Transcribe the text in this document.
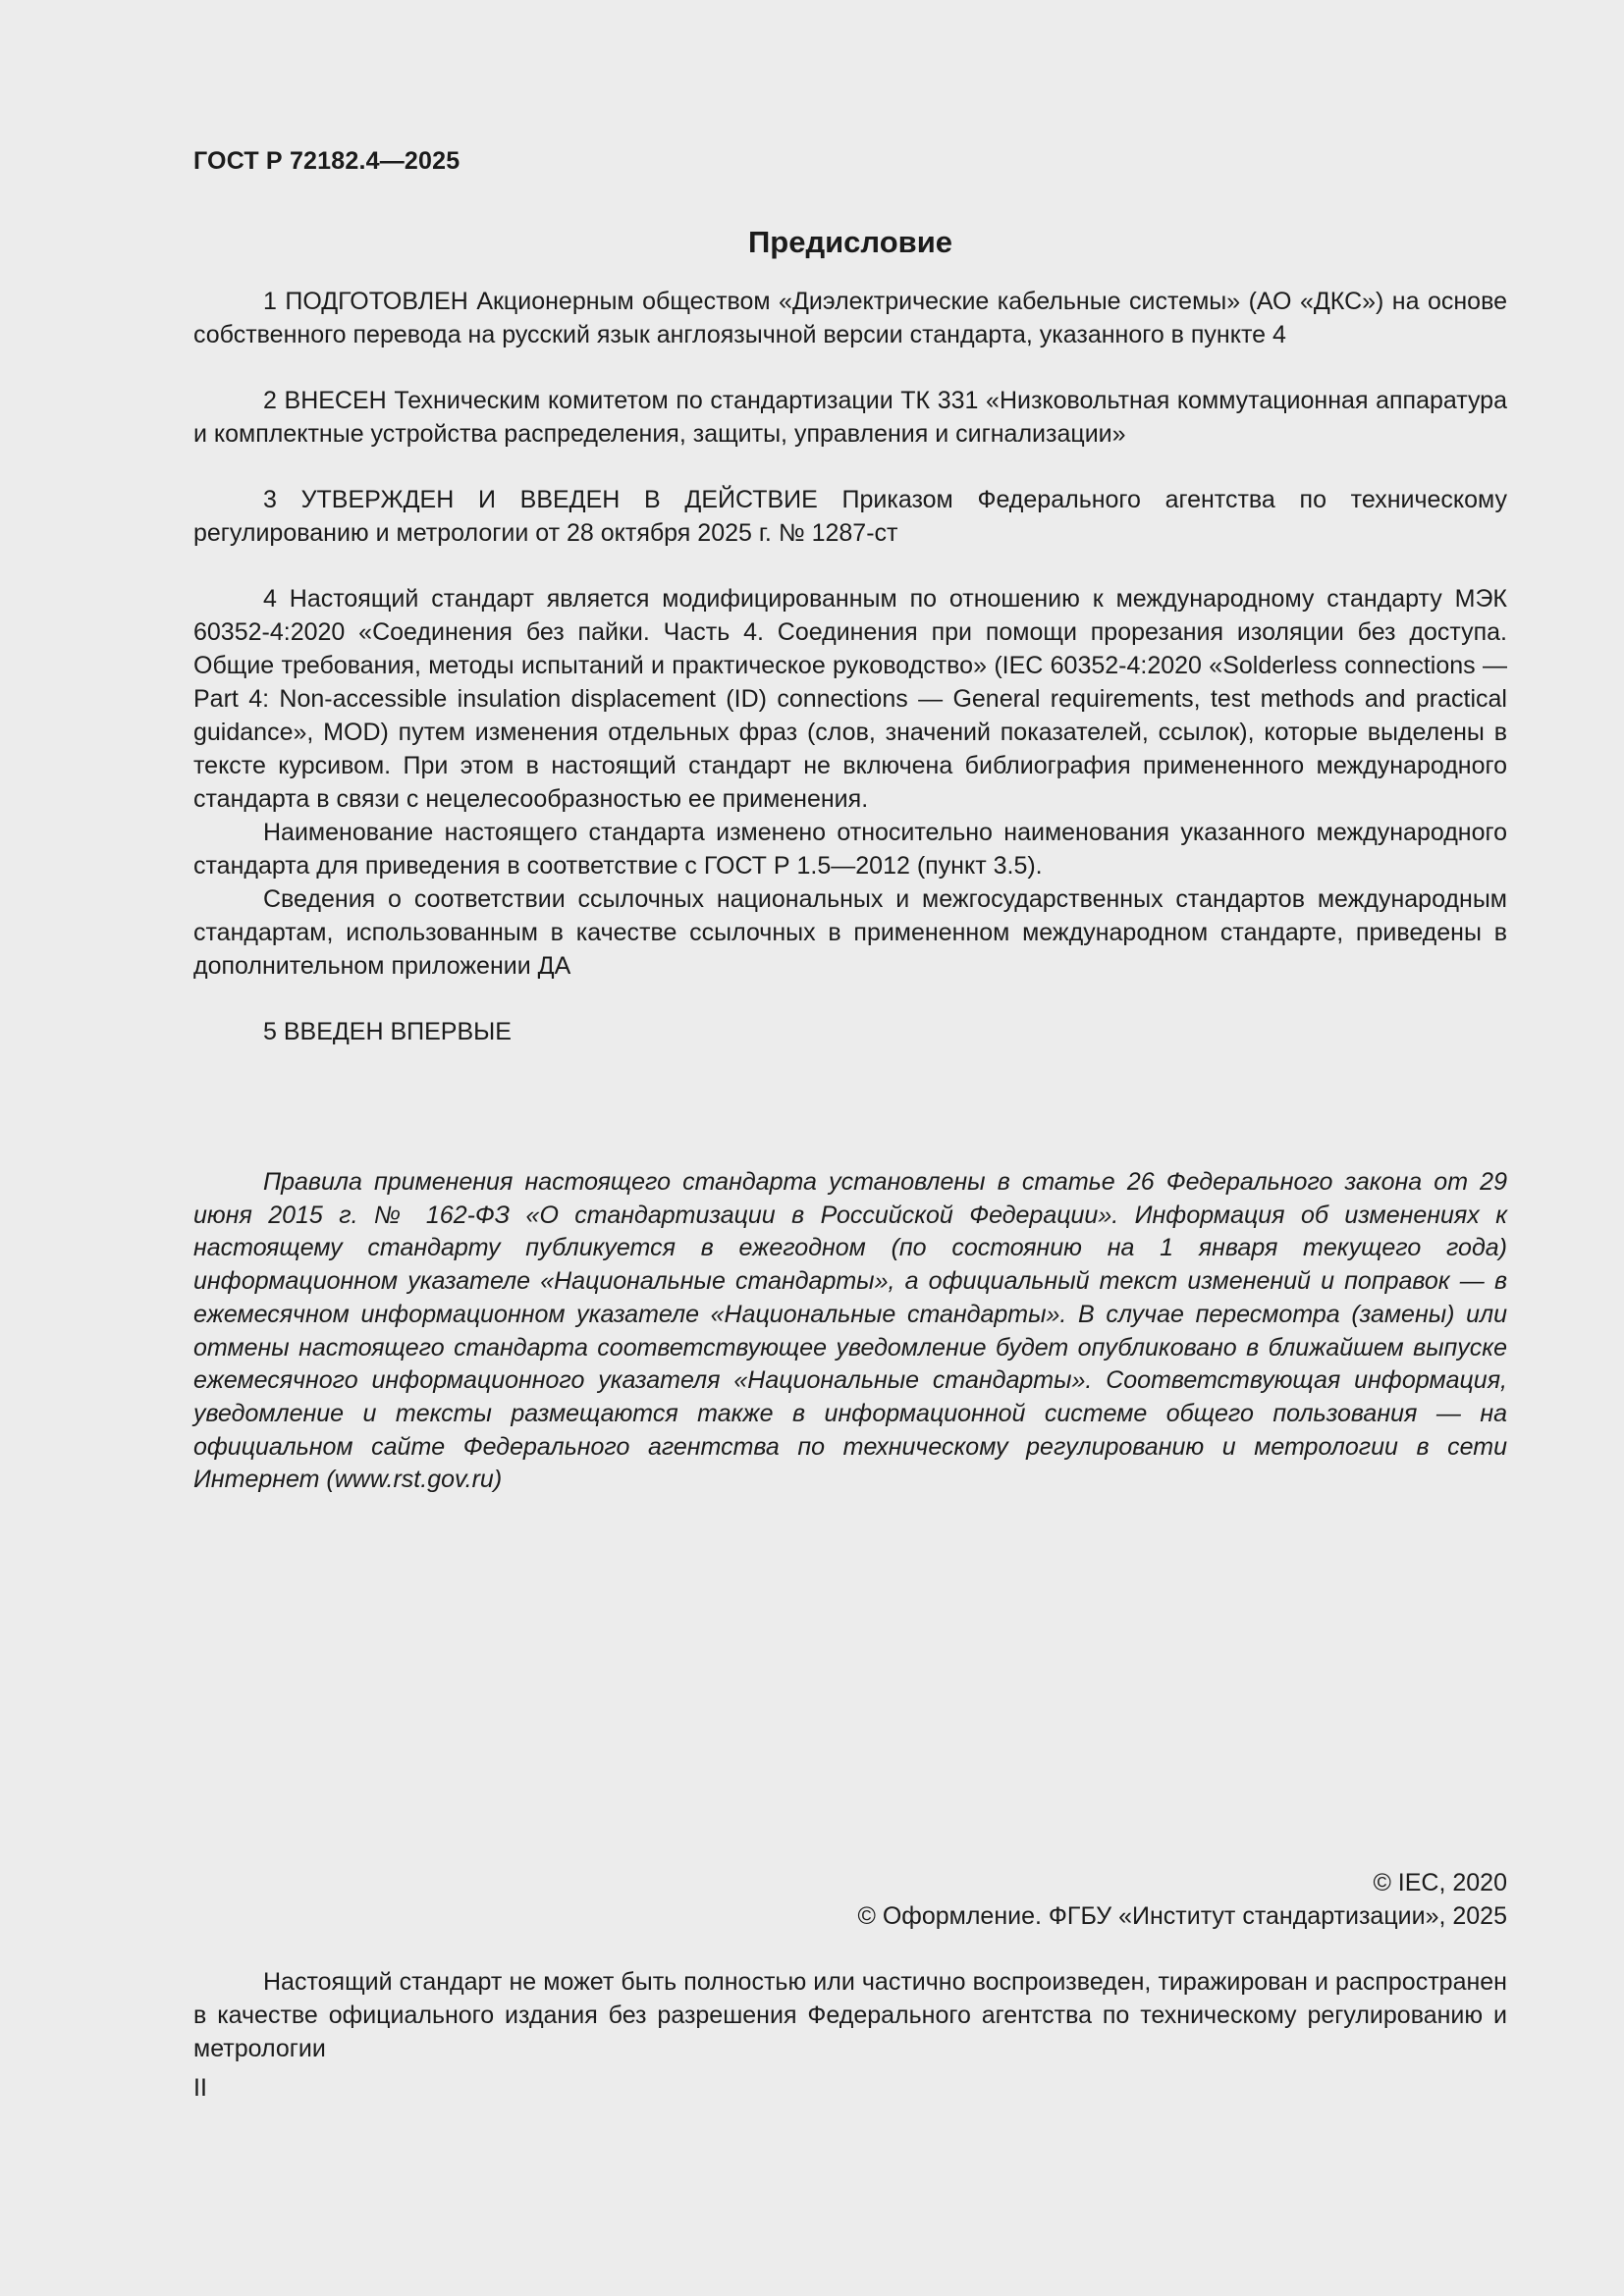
ГОСТ Р 72182.4—2025
Предисловие

1 ПОДГОТОВЛЕН Акционерным обществом «Диэлектрические кабельные системы» (АО «ДКС») на основе собственного перевода на русский язык англоязычной версии стандарта, указанного в пункте 4

2 ВНЕСЕН Техническим комитетом по стандартизации ТК 331 «Низковольтная коммутационная аппаратура и комплектные устройства распределения, защиты, управления и сигнализации»

3 УТВЕРЖДЕН И ВВЕДЕН В ДЕЙСТВИЕ Приказом Федерального агентства по техническому регулированию и метрологии от 28 октября 2025 г. № 1287-ст

4 Настоящий стандарт является модифицированным по отношению к международному стандарту МЭК 60352-4:2020 «Соединения без пайки. Часть 4. Соединения при помощи прорезания изоляции без доступа. Общие требования, методы испытаний и практическое руководство» (IEC 60352-4:2020 «Solderless connections — Part 4: Non-accessible insulation displacement (ID) connections — General requirements, test methods and practical guidance», MOD) путем изменения отдельных фраз (слов, значений показателей, ссылок), которые выделены в тексте курсивом. При этом в настоящий стандарт не включена библиография примененного международного стандарта в связи с нецелесообразностью ее применения.

Наименование настоящего стандарта изменено относительно наименования указанного международного стандарта для приведения в соответствие с ГОСТ Р 1.5—2012 (пункт 3.5).

Сведения о соответствии ссылочных национальных и межгосударственных стандартов международным стандартам, использованным в качестве ссылочных в примененном международном стандарте, приведены в дополнительном приложении ДА

5 ВВЕДЕН ВПЕРВЫЕ

Правила применения настоящего стандарта установлены в статье 26 Федерального закона от 29 июня 2015 г. № 162-ФЗ «О стандартизации в Российской Федерации». Информация об изменениях к настоящему стандарту публикуется в ежегодном (по состоянию на 1 января текущего года) информационном указателе «Национальные стандарты», а официальный текст изменений и поправок — в ежемесячном информационном указателе «Национальные стандарты». В случае пересмотра (замены) или отмены настоящего стандарта соответствующее уведомление будет опубликовано в ближайшем выпуске ежемесячного информационного указателя «Национальные стандарты». Соответствующая информация, уведомление и тексты размещаются также в информационной системе общего пользования — на официальном сайте Федерального агентства по техническому регулированию и метрологии в сети Интернет (www.rst.gov.ru)

© IEC, 2020
© Оформление. ФГБУ «Институт стандартизации», 2025

Настоящий стандарт не может быть полностью или частично воспроизведен, тиражирован и распространен в качестве официального издания без разрешения Федерального агентства по техническому регулированию и метрологии

II
